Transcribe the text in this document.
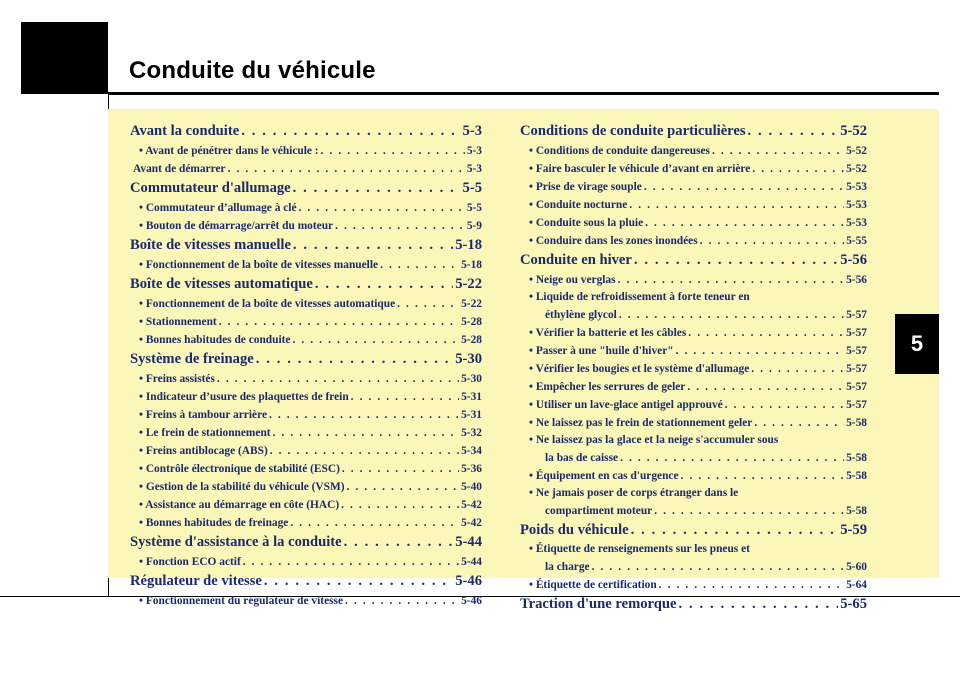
Conduite du véhicule
5
Avant la conduite . . .	5-3
• Avant de pénétrer dans le véhicule : . . .	5-3
Avant de démarrer . . .	5-3
Commutateur d'allumage . . .	5-5
• Commutateur d’allumage à clé . . .	5-5
• Bouton de démarrage/arrêt du moteur . . .	5-9
Boîte de vitesses manuelle . . .	5-18
• Fonctionnement de la boîte de vitesses manuelle . . .	5-18
Boîte de vitesses automatique . . .	5-22
• Fonctionnement de la boîte de vitesses automatique . . .	5-22
• Stationnement . . .	5-28
• Bonnes habitudes de conduite . . .	5-28
Système de freinage . . .	5-30
• Freins assistés . . .	5-30
• Indicateur d’usure des plaquettes de frein . . .	5-31
• Freins à tambour arrière . . .	5-31
• Le frein de stationnement . . .	5-32
• Freins antiblocage (ABS) . . .	5-34
• Contrôle électronique de stabilité (ESC) . . .	5-36
• Gestion de la stabilité du véhicule (VSM) . . .	5-40
• Assistance au démarrage en côte (HAC) . . .	5-42
• Bonnes habitudes de freinage . . .	5-42
Système d'assistance à la conduite . . .	5-44
• Fonction ECO actif . . .	5-44
Régulateur de vitesse . . .	5-46
• Fonctionnement du régulateur de vitesse . . .	5-46
Conditions de conduite particulières . . .	5-52
• Conditions de conduite dangereuses . . .	5-52
• Faire basculer le véhicule d’avant en arrière . . .	5-52
• Prise de virage souple . . .	5-53
• Conduite nocturne . . .	5-53
• Conduite sous la pluie . . .	5-53
• Conduire dans les zones inondées . . .	5-55
Conduite en hiver . . .	5-56
• Neige ou verglas . . .	5-56
• Liquide de refroidissement à forte teneur en
éthylène glycol . . .	5-57
• Vérifier la batterie et les câbles . . .	5-57
• Passer à une "huile d'hiver" . . .	5-57
• Vérifier les bougies et le système d'allumage . . .	5-57
• Empêcher les serrures de geler . . .	5-57
• Utiliser un lave-glace antigel approuvé . . .	5-57
• Ne laissez pas le frein de stationnement geler . . .	5-58
• Ne laissez pas la glace et la neige s'accumuler sous
la bas de caisse . . .	5-58
• Équipement en cas d'urgence . . .	5-58
• Ne jamais poser de corps étranger dans le
compartiment moteur . . .	5-58
Poids du véhicule . . .	5-59
• Étiquette de renseignements sur les pneus et
la charge . . .	5-60
• Étiquette de certification . . .	5-64
Traction d'une remorque . . .	5-65
